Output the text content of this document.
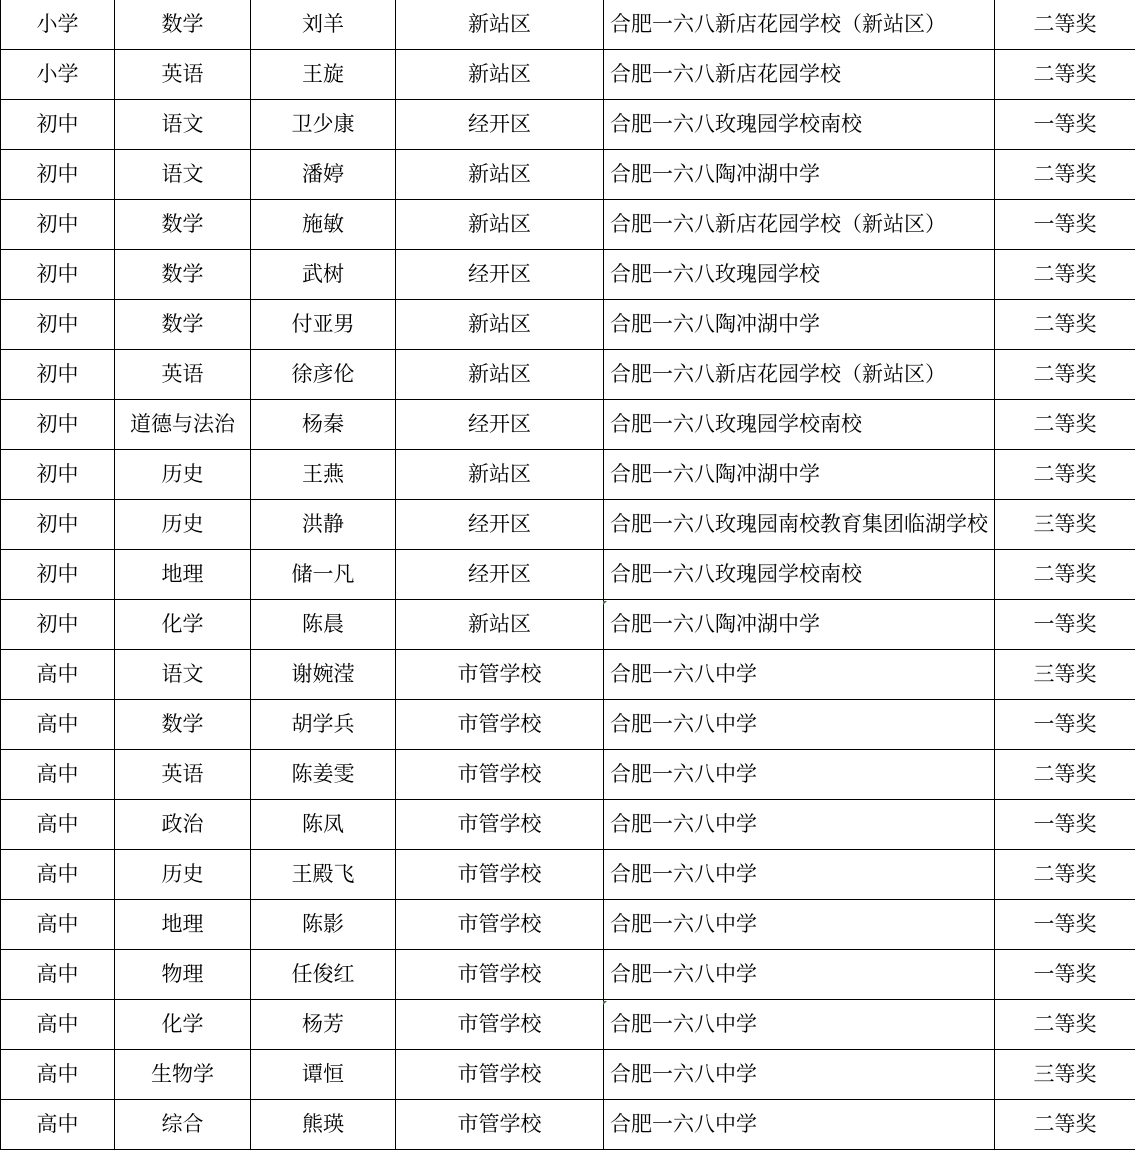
小学	数学	刘羊	新站区	合肥一六八新店花园学校（新站区）	二等奖
小学	英语	王旋	新站区	合肥一六八新店花园学校	二等奖
初中	语文	卫少康	经开区	合肥一六八玫瑰园学校南校	一等奖
初中	语文	潘婷	新站区	合肥一六八陶冲湖中学	二等奖
初中	数学	施敏	新站区	合肥一六八新店花园学校（新站区）	一等奖
初中	数学	武树	经开区	合肥一六八玫瑰园学校	二等奖
初中	数学	付亚男	新站区	合肥一六八陶冲湖中学	二等奖
初中	英语	徐彦伦	新站区	合肥一六八新店花园学校（新站区）	二等奖
初中	道德与法治	杨秦	经开区	合肥一六八玫瑰园学校南校	二等奖
初中	历史	王燕	新站区	合肥一六八陶冲湖中学	二等奖
初中	历史	洪静	经开区	合肥一六八玫瑰园南校教育集团临湖学校	三等奖
初中	地理	储一凡	经开区	合肥一六八玫瑰园学校南校	二等奖
初中	化学	陈晨	新站区	合肥一六八陶冲湖中学	一等奖
高中	语文	谢婉滢	市管学校	合肥一六八中学	三等奖
高中	数学	胡学兵	市管学校	合肥一六八中学	一等奖
高中	英语	陈姜雯	市管学校	合肥一六八中学	二等奖
高中	政治	陈凤	市管学校	合肥一六八中学	一等奖
高中	历史	王殿飞	市管学校	合肥一六八中学	二等奖
高中	地理	陈影	市管学校	合肥一六八中学	一等奖
高中	物理	任俊红	市管学校	合肥一六八中学	一等奖
高中	化学	杨芳	市管学校	合肥一六八中学	二等奖
高中	生物学	谭恒	市管学校	合肥一六八中学	三等奖
高中	综合	熊瑛	市管学校	合肥一六八中学	二等奖
